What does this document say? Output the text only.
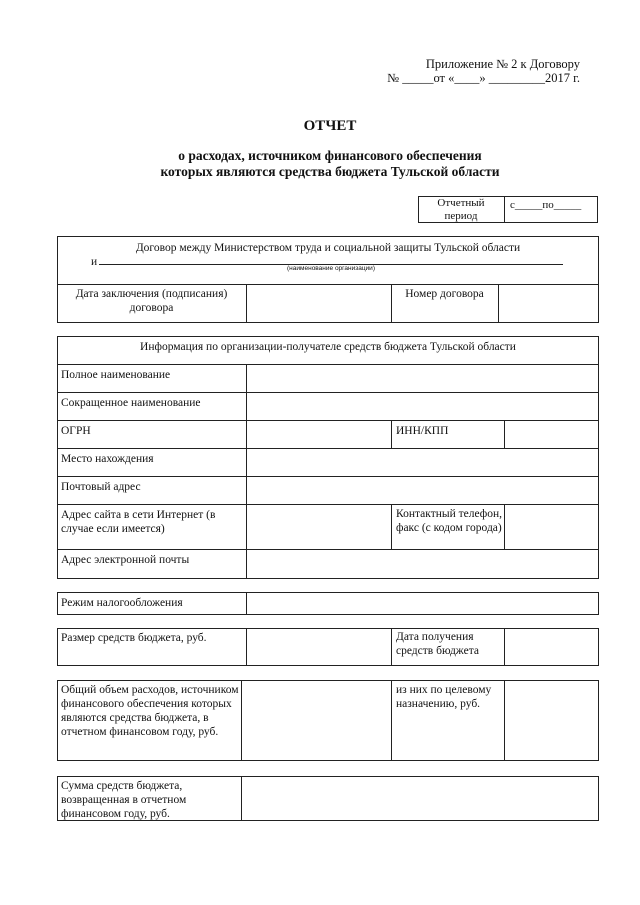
Приложение № 2 к Договору
№ _____от «____» _________2017 г.
ОТЧЕТ
о расходах, источником финансового обеспечения
которых являются средства бюджета Тульской области
Отчетный период
с_____по_____
Договор между Министерством труда и социальной защиты Тульской области
и
(наименование организации)
Дата заключения (подписания) договора
Номер договора
Информация по организации-получателе средств бюджета Тульской области
Полное наименование
Сокращенное наименование
ОГРН	ИНН/КПП
Место нахождения
Почтовый адрес
Адрес сайта в сети Интернет (в случае если имеется)
Контактный телефон, факс (с кодом города)
Адрес электронной почты
Режим налогообложения
Размер средств бюджета, руб.	Дата получения средств бюджета
Общий объем расходов, источником финансового обеспечения которых являются средства бюджета, в отчетном финансовом году, руб.
из них по целевому назначению, руб.
Сумма средств бюджета, возвращенная в отчетном финансовом году, руб.
